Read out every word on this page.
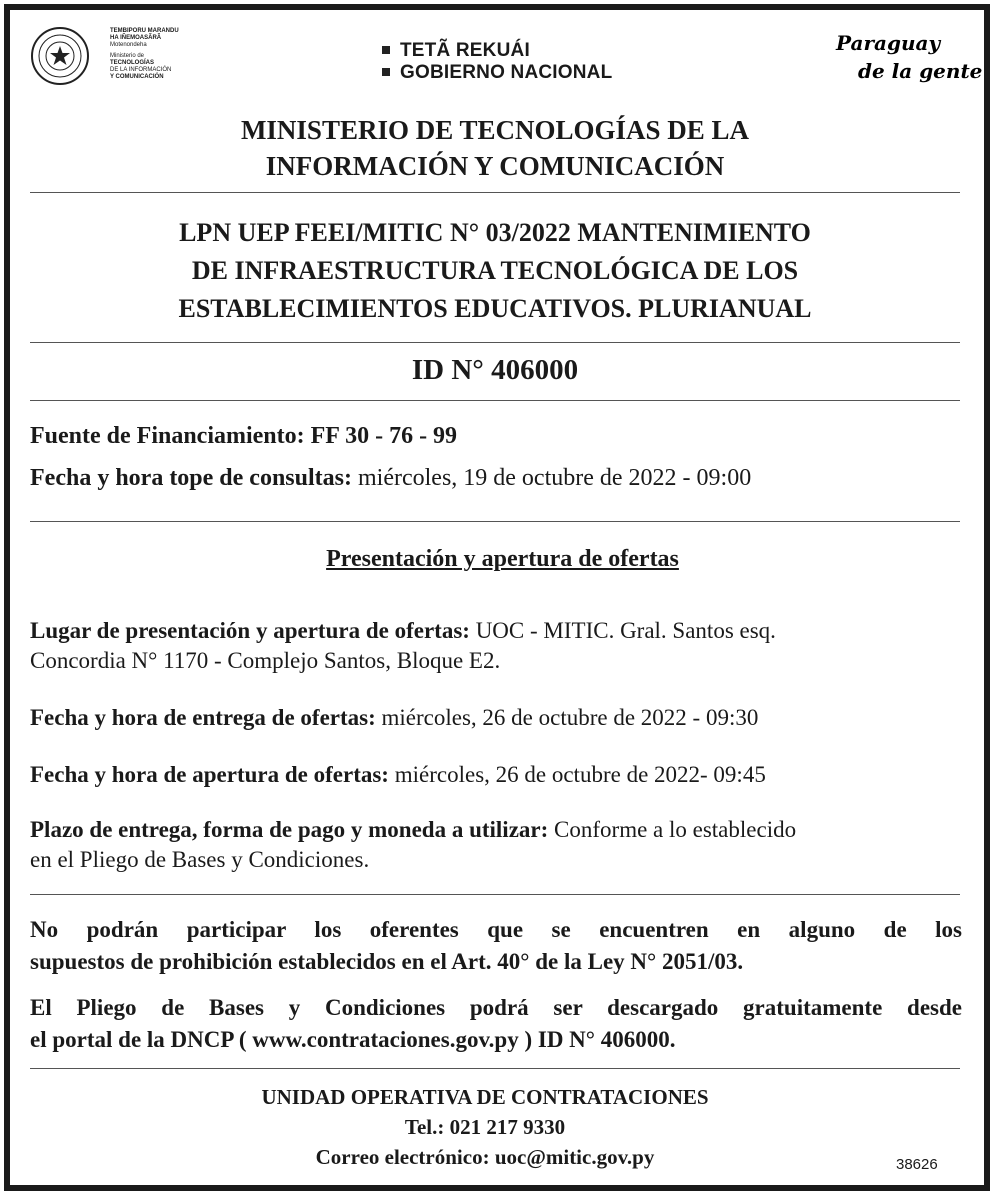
TEMBIPORU MARANDU
HA IÑEMOASÃRÃ
Motenondeha
Ministerio de
TECNOLOGÍAS
DE LA INFORMACIÓN
Y COMUNICACIÓN
TETÃ REKUÁI
GOBIERNO NACIONAL
Paraguay
de la gente
MINISTERIO DE TECNOLOGÍAS DE LA
INFORMACIÓN Y COMUNICACIÓN
LPN UEP FEEI/MITIC N° 03/2022 MANTENIMIENTO
DE INFRAESTRUCTURA TECNOLÓGICA DE LOS
ESTABLECIMIENTOS EDUCATIVOS. PLURIANUAL
ID N° 406000
Fuente de Financiamiento: FF 30 - 76 - 99
Fecha y hora tope de consultas: miércoles, 19 de octubre de 2022 - 09:00
Presentación y apertura de ofertas
Lugar de presentación y apertura de ofertas: UOC - MITIC. Gral. Santos esq.
Concordia N° 1170 - Complejo Santos, Bloque E2.
Fecha y hora de entrega de ofertas: miércoles, 26 de octubre de 2022 - 09:30
Fecha y hora de apertura de ofertas: miércoles, 26 de octubre de 2022- 09:45
Plazo de entrega, forma de pago y moneda a utilizar: Conforme a lo establecido
en el Pliego de Bases y Condiciones.
No podrán participar los oferentes que se encuentren en alguno de los
supuestos de prohibición establecidos en el Art. 40° de la Ley N° 2051/03.
El Pliego de Bases y Condiciones podrá ser descargado gratuitamente desde
el portal de la DNCP ( www.contrataciones.gov.py ) ID N° 406000.
UNIDAD OPERATIVA DE CONTRATACIONES
Tel.: 021 217 9330
Correo electrónico: uoc@mitic.gov.py	38626
